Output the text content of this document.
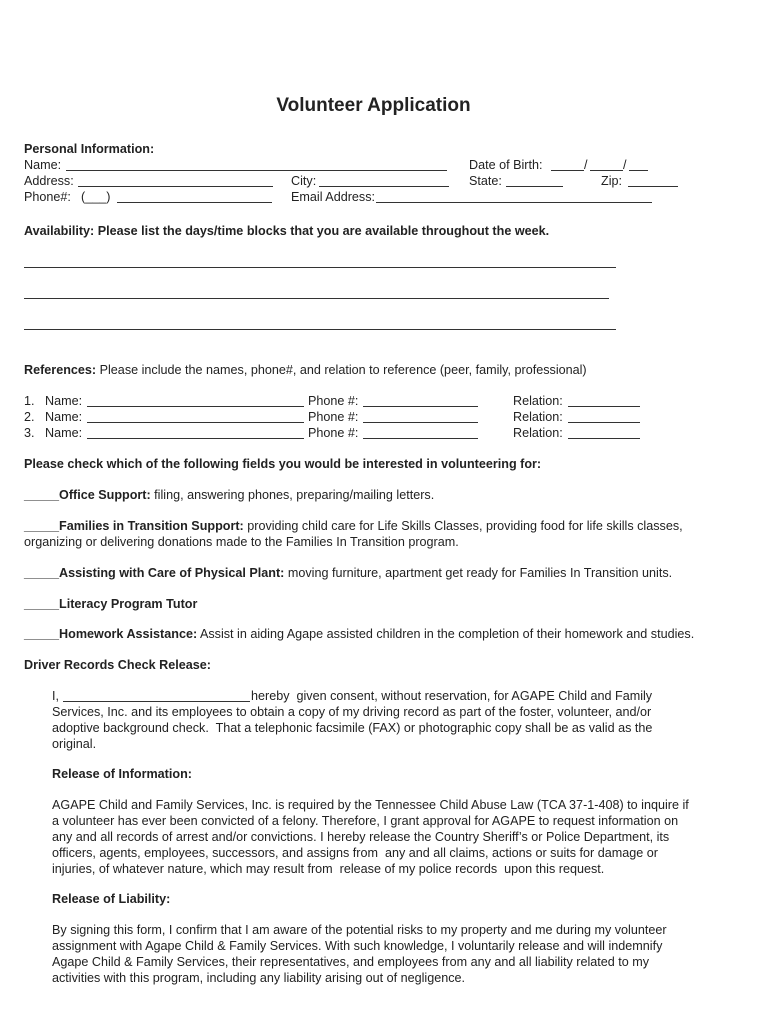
Volunteer Application
Personal Information:
Name:	Date of Birth:	/	/
Address:	City:	State:	Zip:
Phone#: (___)	Email Address:
Availability: Please list the days/time blocks that you are available throughout the week.
References: Please include the names, phone#, and relation to reference (peer, family, professional)
1. Name:	Phone #:	Relation:
2. Name:	Phone #:	Relation:
3. Name:	Phone #:	Relation:
Please check which of the following fields you would be interested in volunteering for:
_____Office Support: filing, answering phones, preparing/mailing letters.
_____Families in Transition Support: providing child care for Life Skills Classes, providing food for life skills classes,
organizing or delivering donations made to the Families In Transition program.
_____Assisting with Care of Physical Plant: moving furniture, apartment get ready for Families In Transition units.
_____Literacy Program Tutor
_____Homework Assistance: Assist in aiding Agape assisted children in the completion of their homework and studies.
Driver Records Check Release:
I,	hereby  given consent, without reservation, for AGAPE Child and Family
Services, Inc. and its employees to obtain a copy of my driving record as part of the foster, volunteer, and/or
adoptive background check.  That a telephonic facsimile (FAX) or photographic copy shall be as valid as the
original.
Release of Information:
AGAPE Child and Family Services, Inc. is required by the Tennessee Child Abuse Law (TCA 37-1-408) to inquire if
a volunteer has ever been convicted of a felony. Therefore, I grant approval for AGAPE to request information on
any and all records of arrest and/or convictions. I hereby release the Country Sheriff’s or Police Department, its
officers, agents, employees, successors, and assigns from  any and all claims, actions or suits for damage or
injuries, of whatever nature, which may result from  release of my police records  upon this request.
Release of Liability:
By signing this form, I confirm that I am aware of the potential risks to my property and me during my volunteer
assignment with Agape Child & Family Services. With such knowledge, I voluntarily release and will indemnify
Agape Child & Family Services, their representatives, and employees from any and all liability related to my
activities with this program, including any liability arising out of negligence.
